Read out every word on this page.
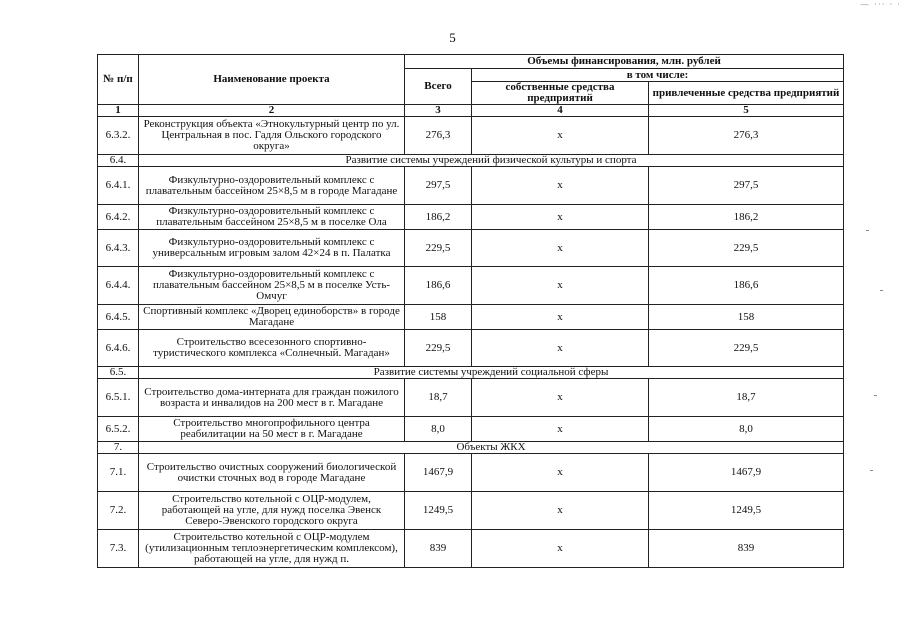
— ··· · ·
5
№ п/п	Наименование проекта	Объемы финансирования, млн. рублей		
		Всего	в том числе:	
			собственные средства предприятий	привлеченные средства предприятий
1	2	3	4	5
6.3.2.	Реконструкция объекта «Этнокультурный центр по ул. Центральная в пос. Гадля Ольского городского округа»	276,3	х	276,3
6.4.	Развитие системы учреждений физической культуры и спорта			
6.4.1.	Физкультурно-оздоровительный комплекс с плавательным бассейном 25×8,5 м в городе Магадане	297,5	х	297,5
6.4.2.	Физкультурно-оздоровительный комплекс с плавательным бассейном 25×8,5 м в поселке Ола	186,2	х	186,2
6.4.3.	Физкультурно-оздоровительный комплекс с универсальным игровым залом 42×24 в п. Палатка	229,5	х	229,5
6.4.4.	Физкультурно-оздоровительный комплекс с плавательным бассейном 25×8,5 м в поселке Усть-Омчуг	186,6	х	186,6
6.4.5.	Спортивный комплекс «Дворец единоборств» в городе Магадане	158	х	158
6.4.6.	Строительство всесезонного спортивно-туристического комплекса «Солнечный. Магадан»	229,5	х	229,5
6.5.	Развитие системы учреждений социальной сферы			
6.5.1.	Строительство дома-интерната для граждан пожилого возраста и инвалидов на 200 мест в г. Магадане	18,7	х	18,7
6.5.2.	Строительство многопрофильного центра реабилитации на 50 мест в г. Магадане	8,0	х	8,0
7.	Объекты ЖКХ			
7.1.	Строительство очистных сооружений биологической очистки сточных вод в городе Магадане	1467,9	х	1467,9
7.2.	Строительство котельной с ОЦР-модулем, работающей на угле, для нужд поселка Эвенск Северо-Эвенского городского округа	1249,5	х	1249,5
7.3.	Строительство котельной с ОЦР-модулем (утилизационным теплоэнергетическим комплексом), работающей на угле, для нужд п.	839	х	839
